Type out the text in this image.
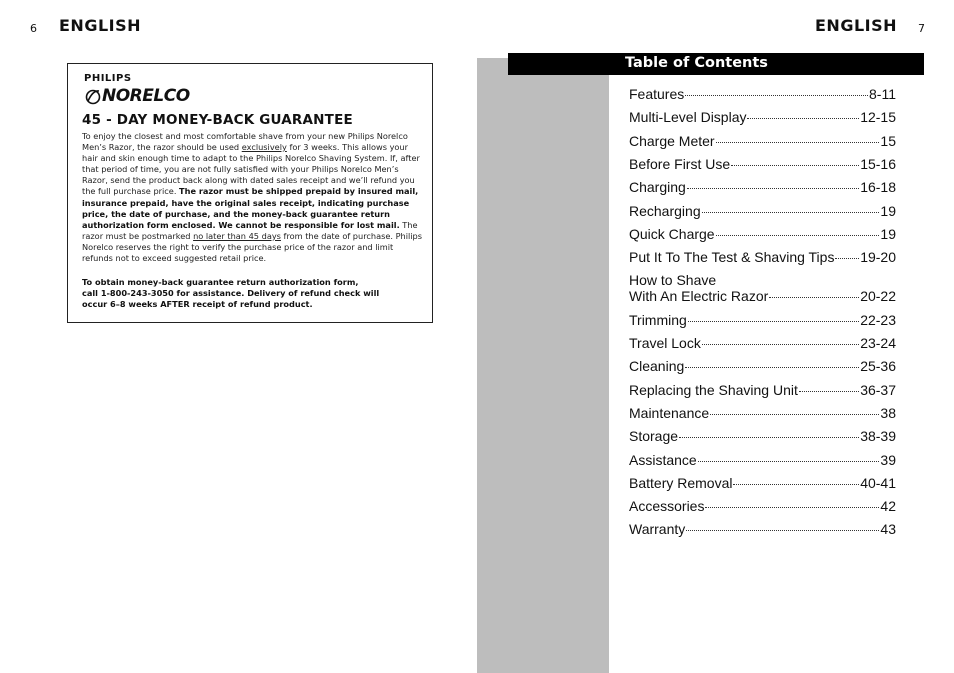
6 ENGLISH	ENGLISH 7
PHILIPS
NORELCO
45 - DAY MONEY-BACK GUARANTEE
To enjoy the closest and most comfortable shave from your new Philips Norelco Men’s Razor, the razor should be used exclusively for 3 weeks. This allows your hair and skin enough time to adapt to the Philips Norelco Shaving System. If, after that period of time, you are not fully satisfied with your Philips Norelco Men’s Razor, send the product back along with dated sales receipt and we’ll refund you the full purchase price. The razor must be shipped prepaid by insured mail, insurance prepaid, have the original sales receipt, indicating purchase price, the date of purchase, and the money-back guarantee return authorization form enclosed. We cannot be responsible for lost mail. The razor must be postmarked no later than 45 days from the date of purchase. Philips Norelco reserves the right to verify the purchase price of the razor and limit refunds not to exceed suggested retail price.
To obtain money-back guarantee return authorization form,
call 1-800-243-3050 for assistance. Delivery of refund check will
occur 6–8 weeks AFTER receipt of refund product.
Table of Contents
Features	8-11
Multi-Level Display	12-15
Charge Meter	15
Before First Use	15-16
Charging	16-18
Recharging	19
Quick Charge	19
Put It To The Test & Shaving Tips 19-20
How to Shave
With An Electric Razor	20-22
Trimming	22-23
Travel Lock	23-24
Cleaning	25-36
Replacing the Shaving Unit	36-37
Maintenance	38
Storage	38-39
Assistance	39
Battery Removal	40-41
Accessories	42
Warranty	43
